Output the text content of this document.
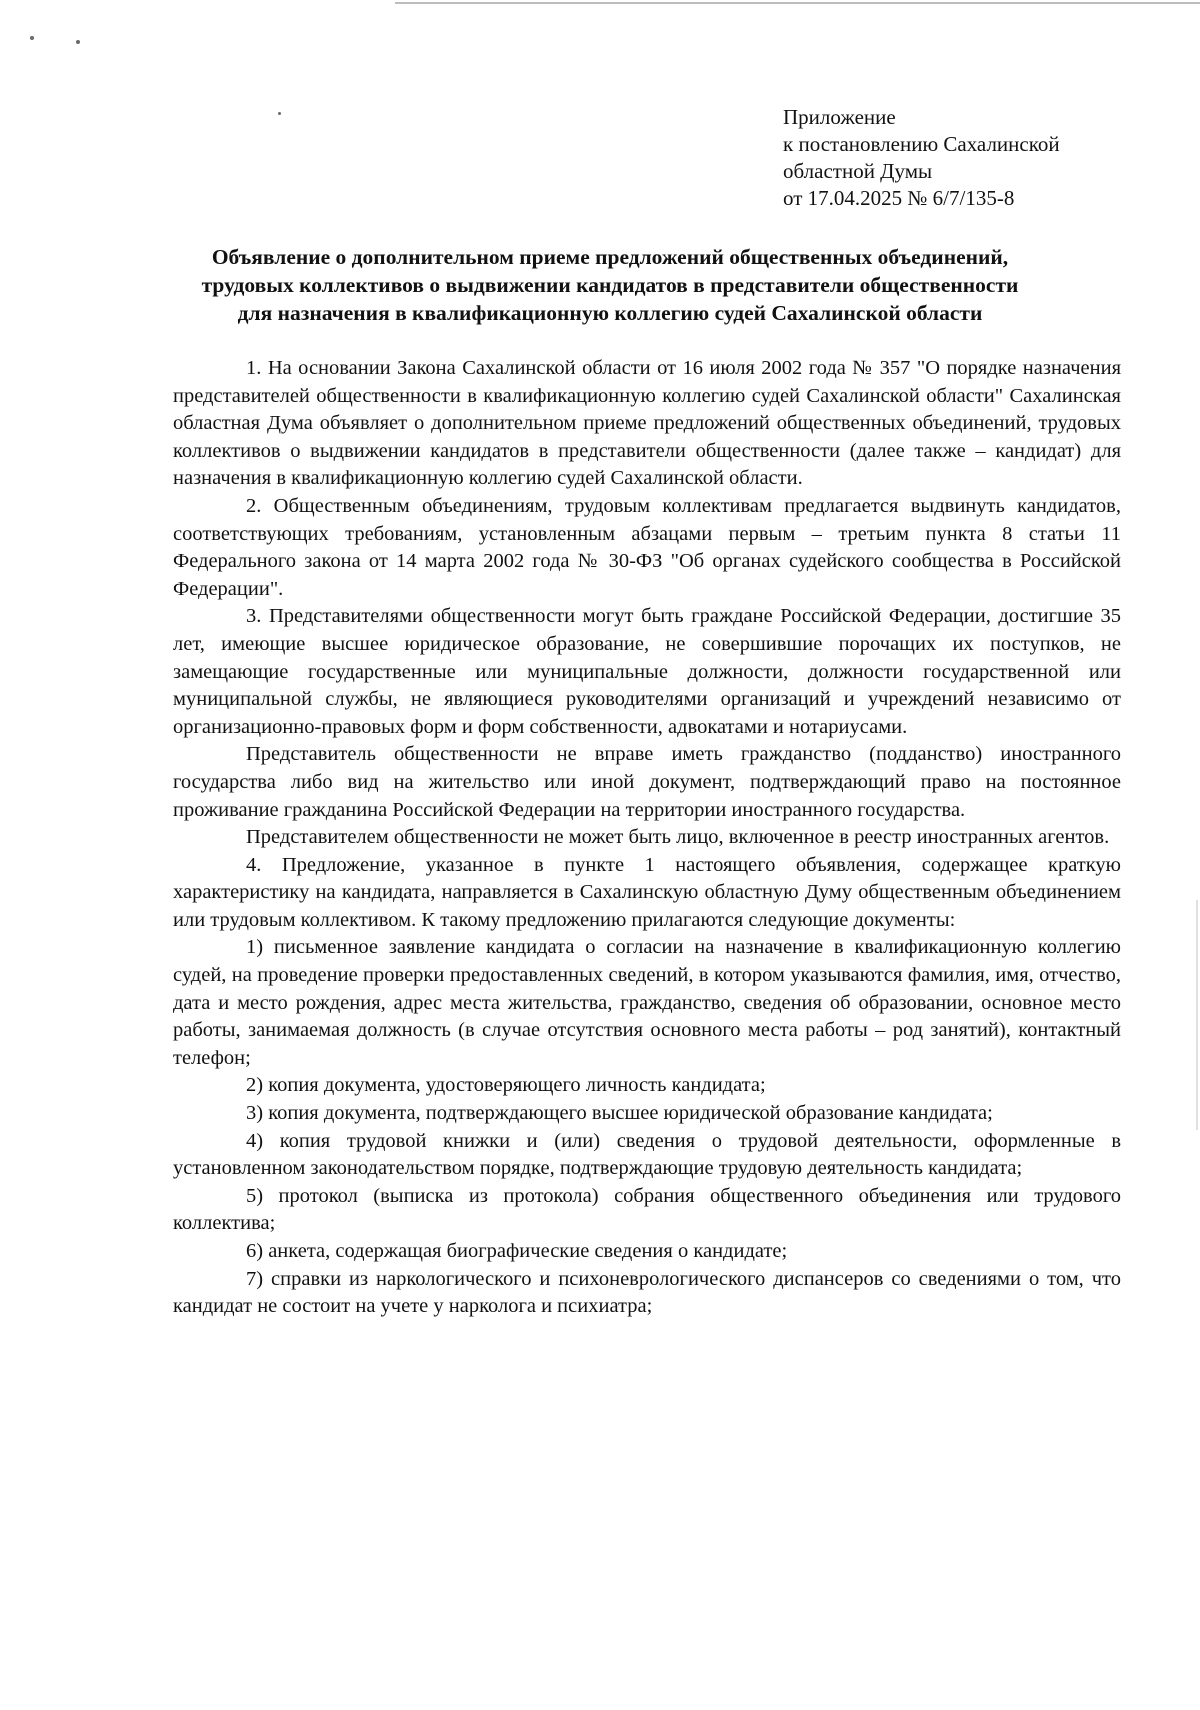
Приложение
к постановлению Сахалинской
областной Думы
от 17.04.2025 № 6/7/135-8
Объявление о дополнительном приеме предложений общественных объединений,
трудовых коллективов о выдвижении кандидатов в представители общественности
для назначения в квалификационную коллегию судей Сахалинской области

1. На основании Закона Сахалинской области от 16 июля 2002 года № 357 "О порядке назначения представителей общественности в квалификационную коллегию судей Сахалинской области" Сахалинская областная Дума объявляет о дополнительном приеме предложений общественных объединений, трудовых коллективов о выдвижении кандидатов в представители общественности (далее также – кандидат) для назначения в квалификационную коллегию судей Сахалинской области.

2. Общественным объединениям, трудовым коллективам предлагается выдвинуть кандидатов, соответствующих требованиям, установленным абзацами первым – третьим пункта 8 статьи 11 Федерального закона от 14 марта 2002 года № 30-ФЗ "Об органах судейского сообщества в Российской Федерации".

3. Представителями общественности могут быть граждане Российской Федерации, достигшие 35 лет, имеющие высшее юридическое образование, не совершившие порочащих их поступков, не замещающие государственные или муниципальные должности, должности государственной или муниципальной службы, не являющиеся руководителями организаций и учреждений независимо от организационно-правовых форм и форм собственности, адвокатами и нотариусами.

Представитель общественности не вправе иметь гражданство (подданство) иностранного государства либо вид на жительство или иной документ, подтверждающий право на постоянное проживание гражданина Российской Федерации на территории иностранного государства.

Представителем общественности не может быть лицо, включенное в реестр иностранных агентов.

4. Предложение, указанное в пункте 1 настоящего объявления, содержащее краткую характеристику на кандидата, направляется в Сахалинскую областную Думу общественным объединением или трудовым коллективом. К такому предложению прилагаются следующие документы:

1) письменное заявление кандидата о согласии на назначение в квалификационную коллегию судей, на проведение проверки предоставленных сведений, в котором указываются фамилия, имя, отчество, дата и место рождения, адрес места жительства, гражданство, сведения об образовании, основное место работы, занимаемая должность (в случае отсутствия основного места работы – род занятий), контактный телефон;

2) копия документа, удостоверяющего личность кандидата;

3) копия документа, подтверждающего высшее юридической образование кандидата;

4) копия трудовой книжки и (или) сведения о трудовой деятельности, оформленные в установленном законодательством порядке, подтверждающие трудовую деятельность кандидата;

5) протокол (выписка из протокола) собрания общественного объединения или трудового коллектива;

6) анкета, содержащая биографические сведения о кандидате;

7) справки из наркологического и психоневрологического диспансеров со сведениями о том, что кандидат не состоит на учете у нарколога и психиатра;
